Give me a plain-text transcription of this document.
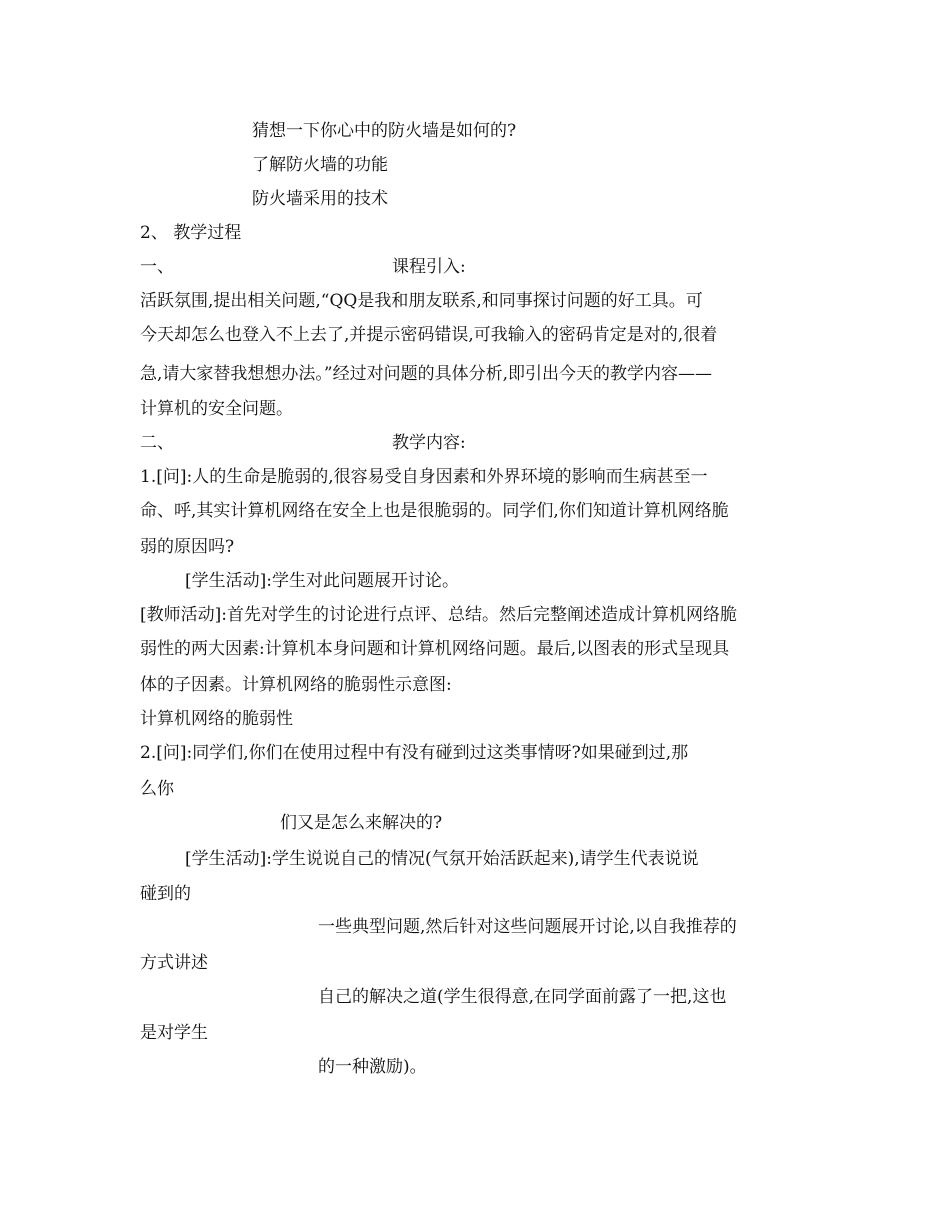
猜想一下你心中的防火墙是如何的?
了解防火墙的功能
防火墙采用的技术
2、 教学过程
一、	课程引入:
活跃氛围,提出相关问题,“QQ是我和朋友联系,和同事探讨问题的好工具。可
今天却怎么也登入不上去了,并提示密码错误,可我输入的密码肯定是对的,很着
急,请大家替我想想办法。”经过对问题的具体分析,即引出今天的教学内容——
计算机的安全问题。
二、	教学内容:
1.[问]:人的生命是脆弱的,很容易受自身因素和外界环境的影响而生病甚至一
命、呼,其实计算机网络在安全上也是很脆弱的。同学们,你们知道计算机网络脆
弱的原因吗?
[学生活动]:学生对此问题展开讨论。
[教师活动]:首先对学生的讨论进行点评、总结。然后完整阐述造成计算机网络脆
弱性的两大因素:计算机本身问题和计算机网络问题。最后,以图表的形式呈现具
体的子因素。计算机网络的脆弱性示意图:
计算机网络的脆弱性
2.[问]:同学们,你们在使用过程中有没有碰到过这类事情呀?如果碰到过,那
么你
们又是怎么来解决的?
[学生活动]:学生说说自己的情况(气氛开始活跃起来),请学生代表说说
碰到的
一些典型问题,然后针对这些问题展开讨论,以自我推荐的
方式讲述
自己的解决之道(学生很得意,在同学面前露了一把,这也
是对学生
的一种激励)。
